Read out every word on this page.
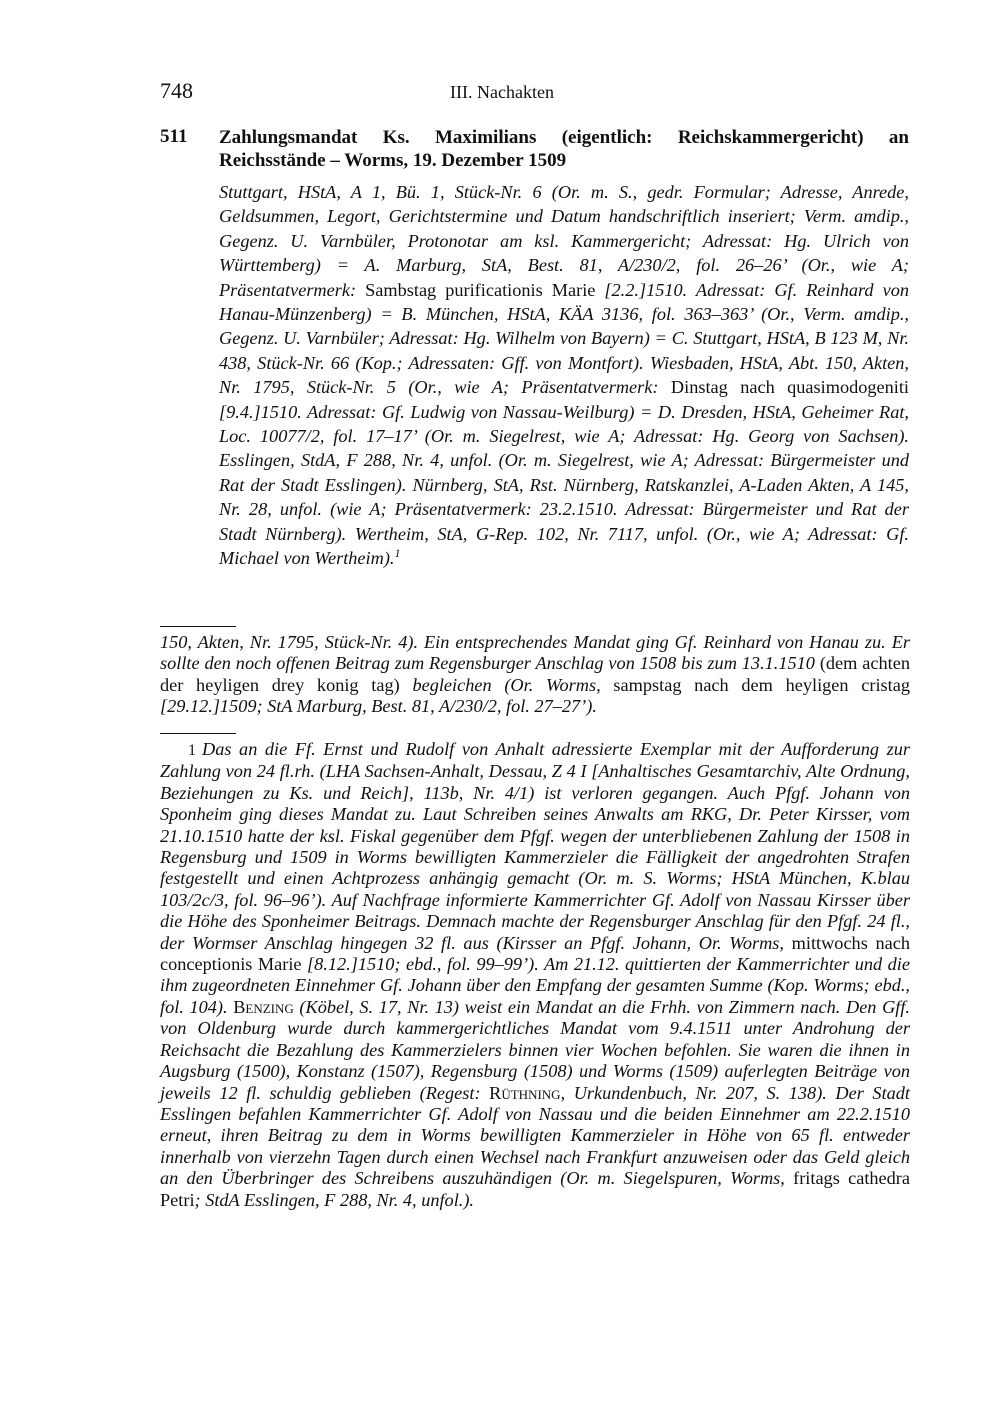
748	III. Nachakten
511 Zahlungsmandat Ks. Maximilians (eigentlich: Reichskammergericht) an Reichsstände – Worms, 19. Dezember 1509
Stuttgart, HStA, A 1, Bü. 1, Stück-Nr. 6 (Or. m. S., gedr. Formular; Adresse, Anrede, Geldsummen, Legort, Gerichtstermine und Datum handschriftlich inseriert; Verm. amdip., Gegenz. U. Varnbüler, Protonotar am ksl. Kammergericht; Adressat: Hg. Ulrich von Württemberg) = A. Marburg, StA, Best. 81, A/230/2, fol. 26–26’ (Or., wie A; Präsentatvermerk: Sambstag purificationis Marie [2.2.]1510. Adressat: Gf. Reinhard von Hanau-Münzenberg) = B. München, HStA, KÄA 3136, fol. 363–363’ (Or., Verm. amdip., Gegenz. U. Varnbüler; Adressat: Hg. Wilhelm von Bayern) = C. Stuttgart, HStA, B 123 M, Nr. 438, Stück-Nr. 66 (Kop.; Adressaten: Gff. von Montfort). Wiesbaden, HStA, Abt. 150, Akten, Nr. 1795, Stück-Nr. 5 (Or., wie A; Präsentatvermerk: Dinstag nach quasimodogeniti [9.4.]1510. Adressat: Gf. Ludwig von Nassau-Weilburg) = D. Dresden, HStA, Geheimer Rat, Loc. 10077/2, fol. 17–17’ (Or. m. Siegelrest, wie A; Adressat: Hg. Georg von Sachsen). Esslingen, StdA, F 288, Nr. 4, unfol. (Or. m. Siegelrest, wie A; Adressat: Bürgermeister und Rat der Stadt Esslingen). Nürnberg, StA, Rst. Nürnberg, Ratskanzlei, A-Laden Akten, A 145, Nr. 28, unfol. (wie A; Präsentatvermerk: 23.2.1510. Adressat: Bürgermeister und Rat der Stadt Nürnberg). Wertheim, StA, G-Rep. 102, Nr. 7117, unfol. (Or., wie A; Adressat: Gf. Michael von Wertheim).$^1$
150, Akten, Nr. 1795, Stück-Nr. 4). Ein entsprechendes Mandat ging Gf. Reinhard von Hanau zu. Er sollte den noch offenen Beitrag zum Regensburger Anschlag von 1508 bis zum 13.1.1510 (dem achten der heyligen drey konig tag) begleichen (Or. Worms, sampstag nach dem heyligen cristag [29.12.]1509; StA Marburg, Best. 81, A/230/2, fol. 27–27’).
1 Das an die Ff. Ernst und Rudolf von Anhalt adressierte Exemplar mit der Aufforderung zur Zahlung von 24 fl.rh. (LHA Sachsen-Anhalt, Dessau, Z 4 I [Anhaltisches Gesamtarchiv, Alte Ordnung, Beziehungen zu Ks. und Reich], 113b, Nr. 4/1) ist verloren gegangen. Auch Pfgf. Johann von Sponheim ging dieses Mandat zu. Laut Schreiben seines Anwalts am RKG, Dr. Peter Kirsser, vom 21.10.1510 hatte der ksl. Fiskal gegenüber dem Pfgf. wegen der unterbliebenen Zahlung der 1508 in Regensburg und 1509 in Worms bewilligten Kammerzieler die Fälligkeit der angedrohten Strafen festgestellt und einen Achtprozess anhängig gemacht (Or. m. S. Worms; HStA München, K.blau 103/2c/3, fol. 96–96’). Auf Nachfrage informierte Kammerrichter Gf. Adolf von Nassau Kirsser über die Höhe des Sponheimer Beitrags. Demnach machte der Regensburger Anschlag für den Pfgf. 24 fl., der Wormser Anschlag hingegen 32 fl. aus (Kirsser an Pfgf. Johann, Or. Worms, mittwochs nach conceptionis Marie [8.12.]1510; ebd., fol. 99–99’). Am 21.12. quittierten der Kammerrichter und die ihm zugeordneten Einnehmer Gf. Johann über den Empfang der gesamten Summe (Kop. Worms; ebd., fol. 104). Benzing (Köbel, S. 17, Nr. 13) weist ein Mandat an die Frhh. von Zimmern nach. Den Gff. von Oldenburg wurde durch kammergerichtliches Mandat vom 9.4.1511 unter Androhung der Reichsacht die Bezahlung des Kammerzielers binnen vier Wochen befohlen. Sie waren die ihnen in Augsburg (1500), Konstanz (1507), Regensburg (1508) und Worms (1509) auferlegten Beiträge von jeweils 12 fl. schuldig geblieben (Regest: Rüthning, Urkundenbuch, Nr. 207, S. 138). Der Stadt Esslingen befahlen Kammerrichter Gf. Adolf von Nassau und die beiden Einnehmer am 22.2.1510 erneut, ihren Beitrag zu dem in Worms bewilligten Kammerzieler in Höhe von 65 fl. entweder innerhalb von vierzehn Tagen durch einen Wechsel nach Frankfurt anzuweisen oder das Geld gleich an den Überbringer des Schreibens auszuhändigen (Or. m. Siegelspuren, Worms, fritags cathedra Petri; StdA Esslingen, F 288, Nr. 4, unfol.).
